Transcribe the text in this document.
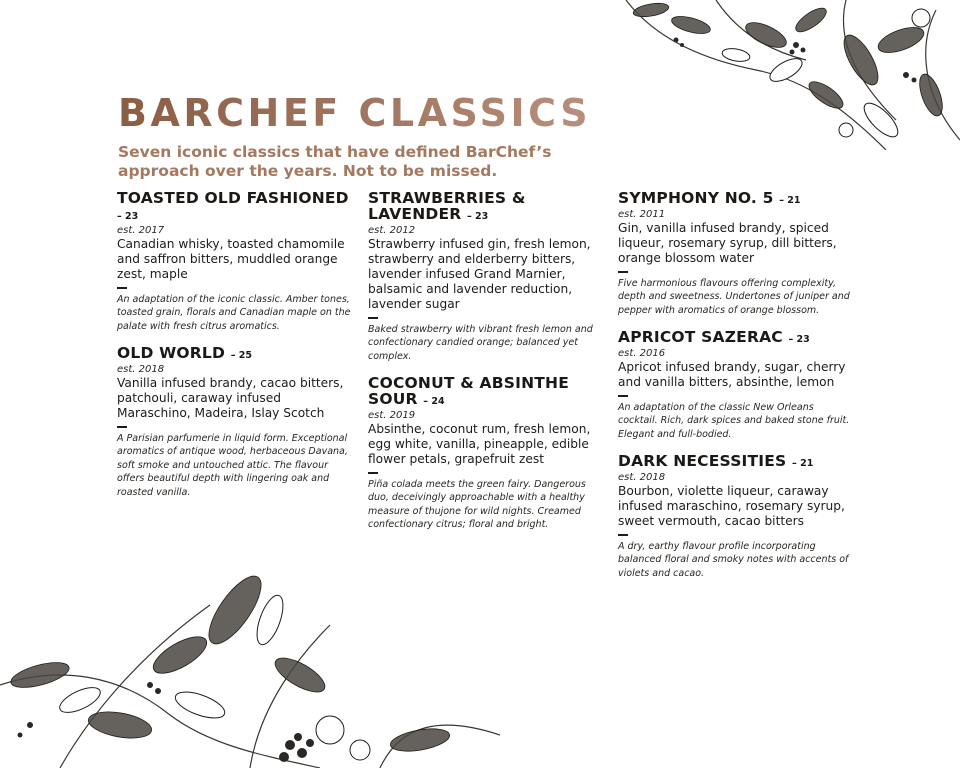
BARCHEF CLASSICS

Seven iconic classics that have defined BarChef’s approach over the years. Not to be missed.

TOASTED OLD FASHIONED – 23
est. 2017
Canadian whisky, toasted chamomile and saffron bitters, muddled orange zest, maple
An adaptation of the iconic classic. Amber tones, toasted grain, florals and Canadian maple on the palate with fresh citrus aromatics.
OLD WORLD – 25
est. 2018
Vanilla infused brandy, cacao bitters, patchouli, caraway infused Maraschino, Madeira, Islay Scotch
A Parisian parfumerie in liquid form. Exceptional aromatics of antique wood, herbaceous Davana, soft smoke and untouched attic. The flavour offers beautiful depth with lingering oak and roasted vanilla.
STRAWBERRIES & LAVENDER – 23
est. 2012
Strawberry infused gin, fresh lemon, strawberry and elderberry bitters, lavender infused Grand Marnier, balsamic and lavender reduction, lavender sugar
Baked strawberry with vibrant fresh lemon and confectionary candied orange; balanced yet complex.
COCONUT & ABSINTHE SOUR – 24
est. 2019
Absinthe, coconut rum, fresh lemon, egg white, vanilla, pineapple, edible flower petals, grapefruit zest
Piña colada meets the green fairy. Dangerous duo, deceivingly approachable with a healthy measure of thujone for wild nights. Creamed confectionary citrus; floral and bright.
SYMPHONY NO. 5 – 21
est. 2011
Gin, vanilla infused brandy, spiced liqueur, rosemary syrup, dill bitters, orange blossom water
Five harmonious flavours offering complexity, depth and sweetness. Undertones of juniper and pepper with aromatics of orange blossom.
APRICOT SAZERAC – 23
est. 2016
Apricot infused brandy, sugar, cherry and vanilla bitters, absinthe, lemon
An adaptation of the classic New Orleans cocktail. Rich, dark spices and baked stone fruit. Elegant and full-bodied.
DARK NECESSITIES – 21
est. 2018
Bourbon, violette liqueur, caraway infused maraschino, rosemary syrup, sweet vermouth, cacao bitters
A dry, earthy flavour profile incorporating balanced floral and smoky notes with accents of violets and cacao.
